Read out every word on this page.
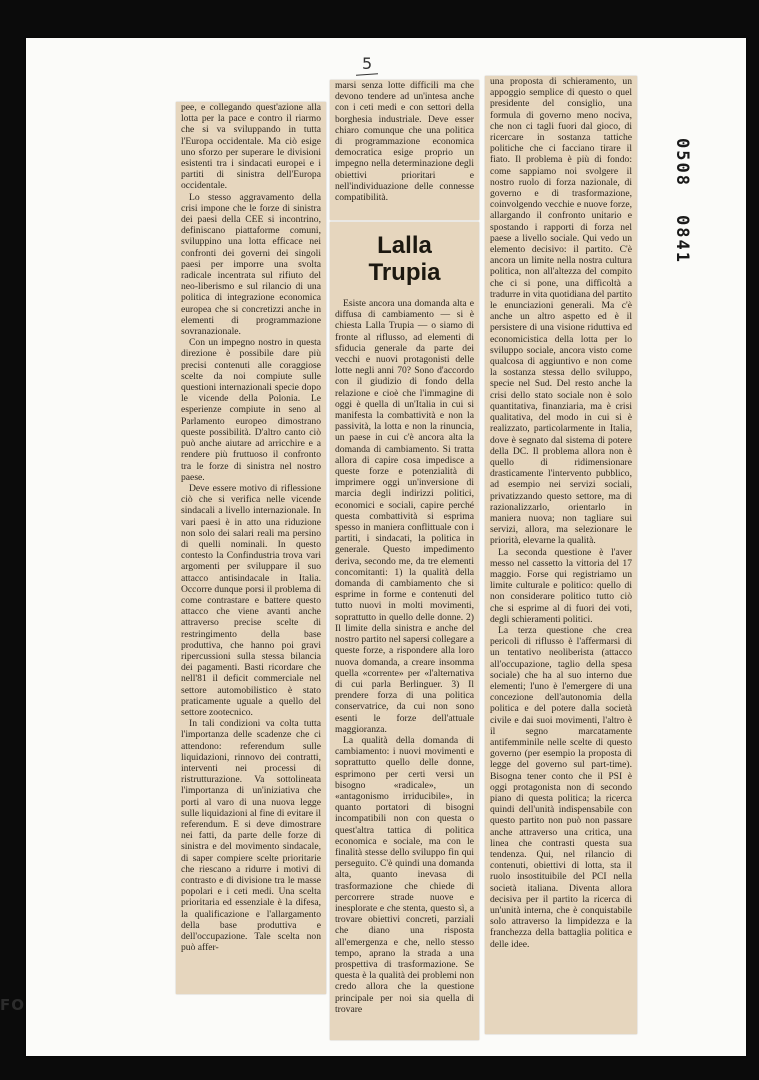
5
0508
0841

pee, e collegando quest'azione alla lotta per la pace e contro il riarmo che si va sviluppando in tutta l'Europa occidentale. Ma ciò esige uno sforzo per superare le divisioni esistenti tra i sindacati europei e i partiti di sinistra dell'Europa occidentale.

Lo stesso aggravamento della crisi impone che le forze di sinistra dei paesi della CEE si incontrino, definiscano piattaforme comuni, sviluppino una lotta efficace nei confronti dei governi dei singoli paesi per imporre una svolta radicale incentrata sul rifiuto del neo-liberismo e sul rilancio di una politica di integrazione economica europea che si concretizzi anche in elementi di programmazione sovranazionale.

Con un impegno nostro in questa direzione è possibile dare più precisi contenuti alle coraggiose scelte da noi compiute sulle questioni internazionali specie dopo le vicende della Polonia. Le esperienze compiute in seno al Parlamento europeo dimostrano queste possibilità. D'altro canto ciò può anche aiutare ad arricchire e a rendere più fruttuoso il confronto tra le forze di sinistra nel nostro paese.

Deve essere motivo di riflessione ciò che si verifica nelle vicende sindacali a livello internazionale. In vari paesi è in atto una riduzione non solo dei salari reali ma persino di quelli nominali. In questo contesto la Confindustria trova vari argomenti per sviluppare il suo attacco antisindacale in Italia. Occorre dunque porsi il problema di come contrastare e battere questo attacco che viene avanti anche attraverso precise scelte di restringimento della base produttiva, che hanno poi gravi ripercussioni sulla stessa bilancia dei pagamenti. Basti ricordare che nell'81 il deficit commerciale nel settore automobilistico è stato praticamente uguale a quello del settore zootecnico.

In tali condizioni va colta tutta l'importanza delle scadenze che ci attendono: referendum sulle liquidazioni, rinnovo dei contratti, interventi nei processi di ristrutturazione. Va sottolineata l'importanza di un'iniziativa che porti al varo di una nuova legge sulle liquidazioni al fine di evitare il referendum. E si deve dimostrare nei fatti, da parte delle forze di sinistra e del movimento sindacale, di saper compiere scelte prioritarie che riescano a ridurre i motivi di contrasto e di divisione tra le masse popolari e i ceti medi. Una scelta prioritaria ed essenziale è la difesa, la qualificazione e l'allargamento della base produttiva e dell'occupazione. Tale scelta non può affer-

marsi senza lotte difficili ma che devono tendere ad un'intesa anche con i ceti medi e con settori della borghesia industriale. Deve esser chiaro comunque che una politica di programmazione economica democratica esige proprio un impegno nella determinazione degli obiettivi prioritari e nell'individuazione delle connesse compatibilità.

Lalla
Trupia

Esiste ancora una domanda alta e diffusa di cambiamento — si è chiesta Lalla Trupia — o siamo di fronte al riflusso, ad elementi di sfiducia generale da parte dei vecchi e nuovi protagonisti delle lotte negli anni 70? Sono d'accordo con il giudizio di fondo della relazione e cioè che l'immagine di oggi è quella di un'Italia in cui si manifesta la combattività e non la passività, la lotta e non la rinuncia, un paese in cui c'è ancora alta la domanda di cambiamento. Si tratta allora di capire cosa impedisce a queste forze e potenzialità di imprimere oggi un'inversione di marcia degli indirizzi politici, economici e sociali, capire perché questa combattività si esprima spesso in maniera conflittuale con i partiti, i sindacati, la politica in generale. Questo impedimento deriva, secondo me, da tre elementi concomitanti: 1) la qualità della domanda di cambiamento che si esprime in forme e contenuti del tutto nuovi in molti movimenti, soprattutto in quello delle donne. 2) Il limite della sinistra e anche del nostro partito nel sapersi collegare a queste forze, a rispondere alla loro nuova domanda, a creare insomma quella «corrente» per «l'alternativa di cui parla Berlinguer. 3) Il prendere forza di una politica conservatrice, da cui non sono esenti le forze dell'attuale maggioranza.

La qualità della domanda di cambiamento: i nuovi movimenti e soprattutto quello delle donne, esprimono per certi versi un bisogno «radicale», un «antagonismo irriducibile», in quanto portatori di bisogni incompatibili non con questa o quest'altra tattica di politica economica e sociale, ma con le finalità stesse dello sviluppo fin qui perseguito. C'è quindi una domanda alta, quanto inevasa di trasformazione che chiede di percorrere strade nuove e inesplorate e che stenta, questo sì, a trovare obiettivi concreti, parziali che diano una risposta all'emergenza e che, nello stesso tempo, aprano la strada a una prospettiva di trasformazione. Se questa è la qualità dei problemi non credo allora che la questione principale per noi sia quella di trovare

una proposta di schieramento, un appoggio semplice di questo o quel presidente del consiglio, una formula di governo meno nociva, che non ci tagli fuori dal gioco, di ricercare in sostanza tattiche politiche che ci facciano tirare il fiato. Il problema è più di fondo: come sappiamo noi svolgere il nostro ruolo di forza nazionale, di governo e di trasformazione, coinvolgendo vecchie e nuove forze, allargando il confronto unitario e spostando i rapporti di forza nel paese a livello sociale. Qui vedo un elemento decisivo: il partito. C'è ancora un limite nella nostra cultura politica, non all'altezza del compito che ci si pone, una difficoltà a tradurre in vita quotidiana del partito le enunciazioni generali. Ma c'è anche un altro aspetto ed è il persistere di una visione riduttiva ed economicistica della lotta per lo sviluppo sociale, ancora visto come qualcosa di aggiuntivo e non come la sostanza stessa dello sviluppo, specie nel Sud. Del resto anche la crisi dello stato sociale non è solo quantitativa, finanziaria, ma è crisi qualitativa, del modo in cui si è realizzato, particolarmente in Italia, dove è segnato dal sistema di potere della DC. Il problema allora non è quello di ridimensionare drasticamente l'intervento pubblico, ad esempio nei servizi sociali, privatizzando questo settore, ma di razionalizzarlo, orientarlo in maniera nuova; non tagliare sui servizi, allora, ma selezionare le priorità, elevarne la qualità.

La seconda questione è l'aver messo nel cassetto la vittoria del 17 maggio. Forse qui registriamo un limite culturale e politico: quello di non considerare politico tutto ciò che si esprime al di fuori dei voti, degli schieramenti politici.

La terza questione che crea pericoli di riflusso è l'affermarsi di un tentativo neoliberista (attacco all'occupazione, taglio della spesa sociale) che ha al suo interno due elementi; l'uno è l'emergere di una concezione dell'autonomia della politica e del potere dalla società civile e dai suoi movimenti, l'altro è il segno marcatamente antifemminile nelle scelte di questo governo (per esempio la proposta di legge del governo sul part-time). Bisogna tener conto che il PSI è oggi protagonista non di secondo piano di questa politica; la ricerca quindi dell'unità indispensabile con questo partito non può non passare anche attraverso una critica, una linea che contrasti questa sua tendenza. Qui, nel rilancio di contenuti, obiettivi di lotta, sta il ruolo insostituibile del PCI nella società italiana. Diventa allora decisiva per il partito la ricerca di un'unità interna, che è conquistabile solo attraverso la limpidezza e la franchezza della battaglia politica e delle idee.

FO
